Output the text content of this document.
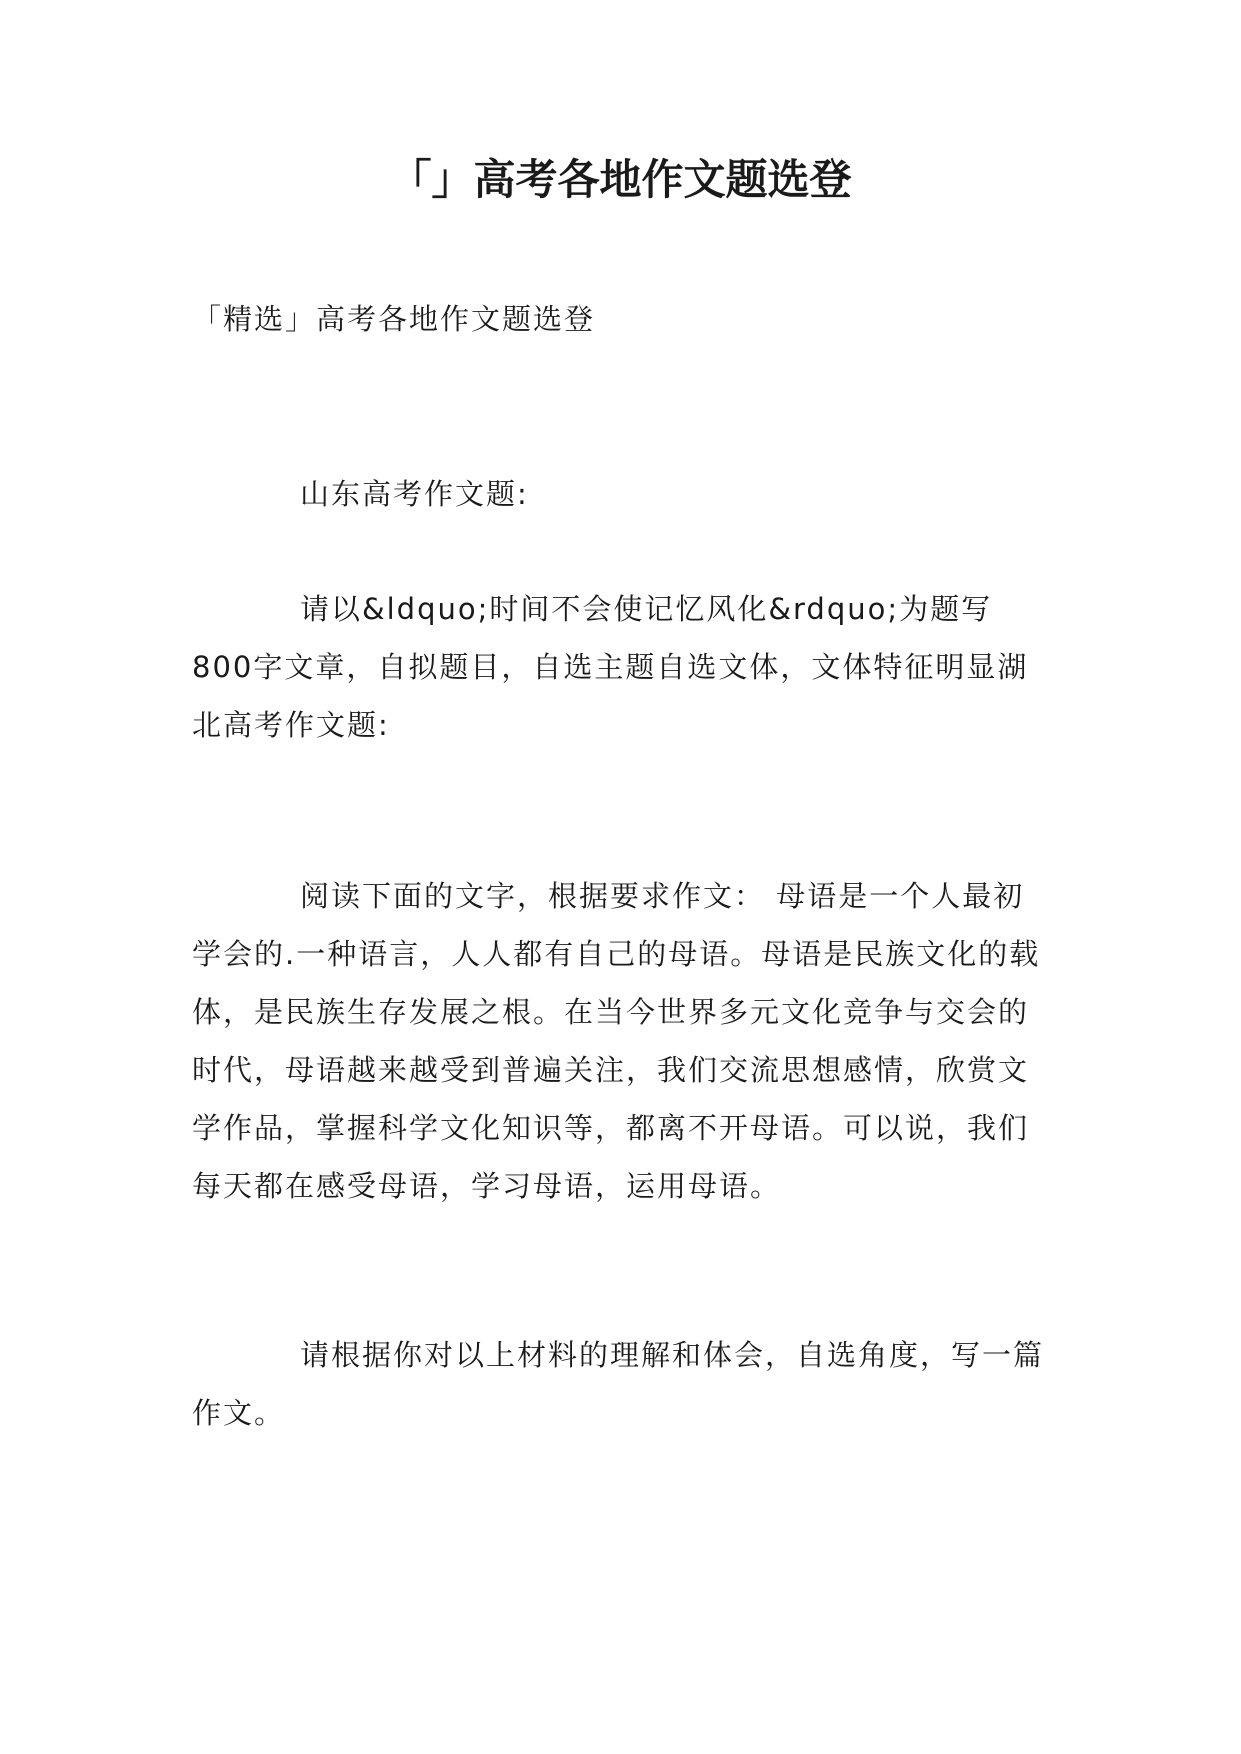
「」高考各地作文题选登

「精选」高考各地作文题选登

山东高考作文题:

请以&ldquo;时间不会使记忆风化&rdquo;为题写800字文章，自拟题目，自选主题自选文体，文体特征明显湖北高考作文题:

阅读下面的文字，根据要求作文： 母语是一个人最初学会的.一种语言，人人都有自己的母语。母语是民族文化的载体，是民族生存发展之根。在当今世界多元文化竞争与交会的时代，母语越来越受到普遍关注，我们交流思想感情，欣赏文学作品，掌握科学文化知识等，都离不开母语。可以说，我们每天都在感受母语，学习母语，运用母语。

请根据你对以上材料的理解和体会，自选角度，写一篇作文。
